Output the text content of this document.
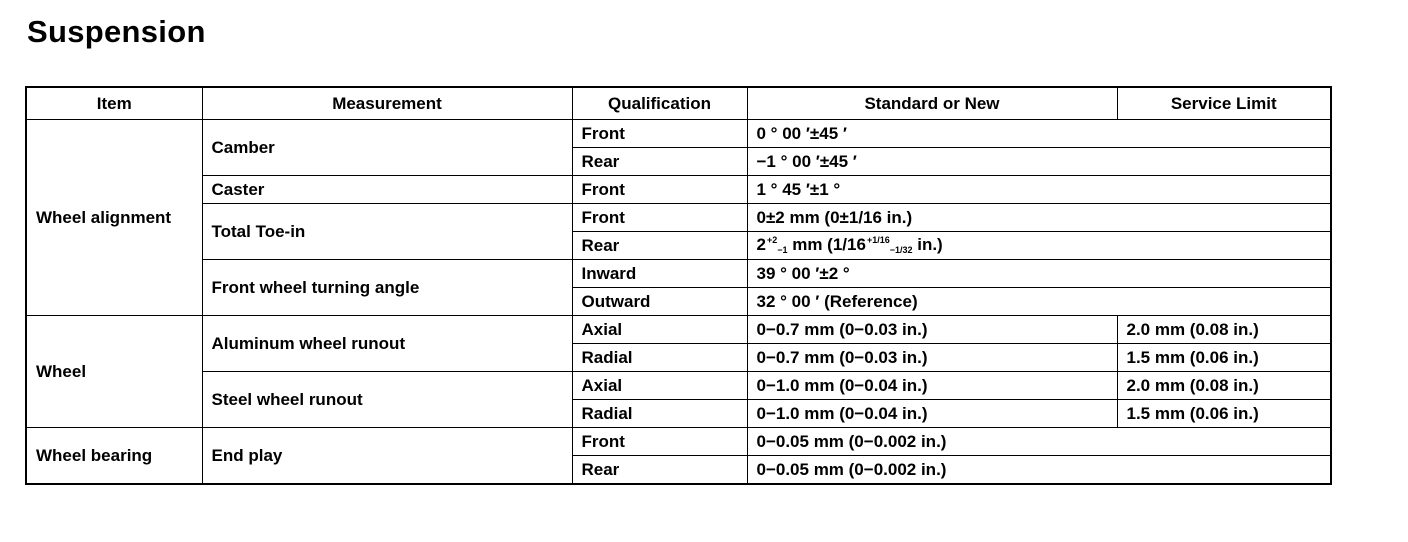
Suspension
Item	Measurement	Qualification	Standard or New	Service Limit
Wheel alignment	Camber	Front	0 ° 00 ′±45 ′	
		Rear	−1 ° 00 ′±45 ′	
	Caster	Front	1 ° 45 ′±1 °	
	Total Toe-in	Front	0±2 mm (0±1/16 in.)	
		Rear	$2^{+2}_{-1}$ mm ($1/16^{+1/16}_{-1/32}$ in.)	
	Front wheel turning angle	Inward	39 ° 00 ′±2 °	
		Outward	32 ° 00 ′ (Reference)	
Wheel	Aluminum wheel runout	Axial	0−0.7 mm (0−0.03 in.)	2.0 mm (0.08 in.)
		Radial	0−0.7 mm (0−0.03 in.)	1.5 mm (0.06 in.)
	Steel wheel runout	Axial	0−1.0 mm (0−0.04 in.)	2.0 mm (0.08 in.)
		Radial	0−1.0 mm (0−0.04 in.)	1.5 mm (0.06 in.)
Wheel bearing	End play	Front	0−0.05 mm (0−0.002 in.)	
		Rear	0−0.05 mm (0−0.002 in.)	
